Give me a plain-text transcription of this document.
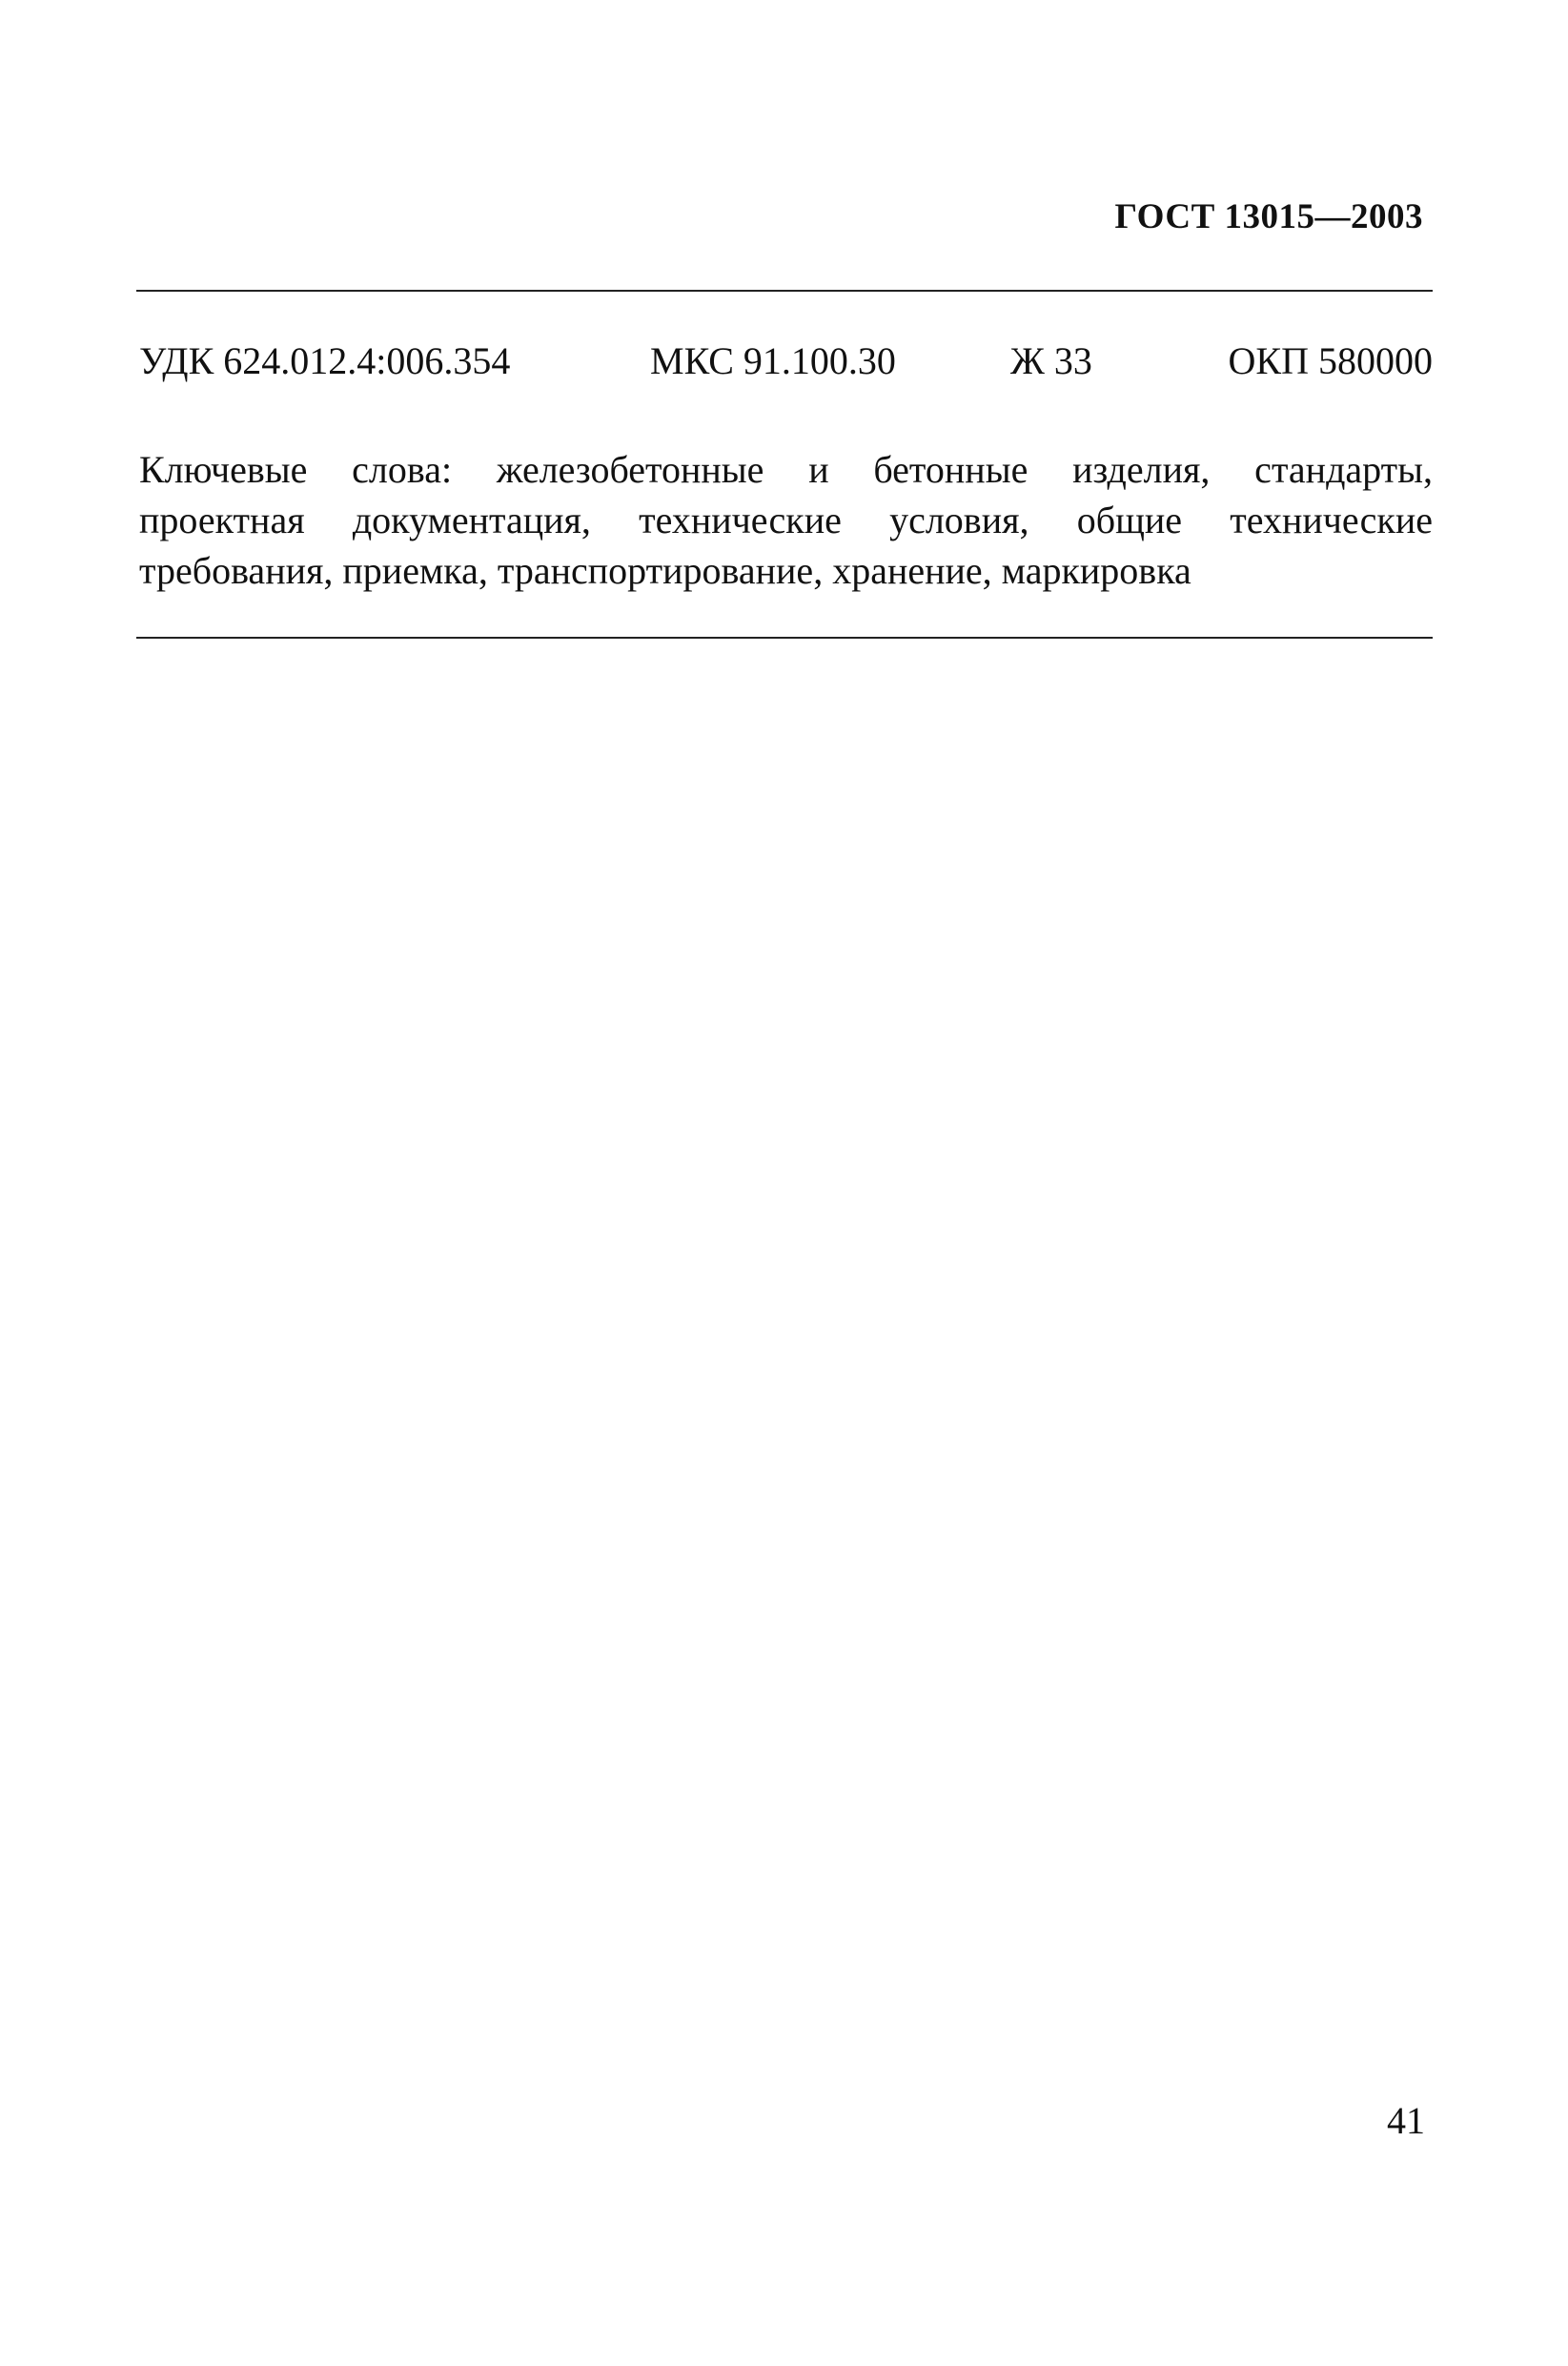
ГОСТ 13015—2003
УДК 624.012.4:006.354	МКС 91.100.30	Ж 33	ОКП 580000
Ключевые слова: железобетонные и бетонные изделия, стандарты,
проектная документация, технические условия, общие технические
требования, приемка, транспортирование, хранение, маркировка
41
